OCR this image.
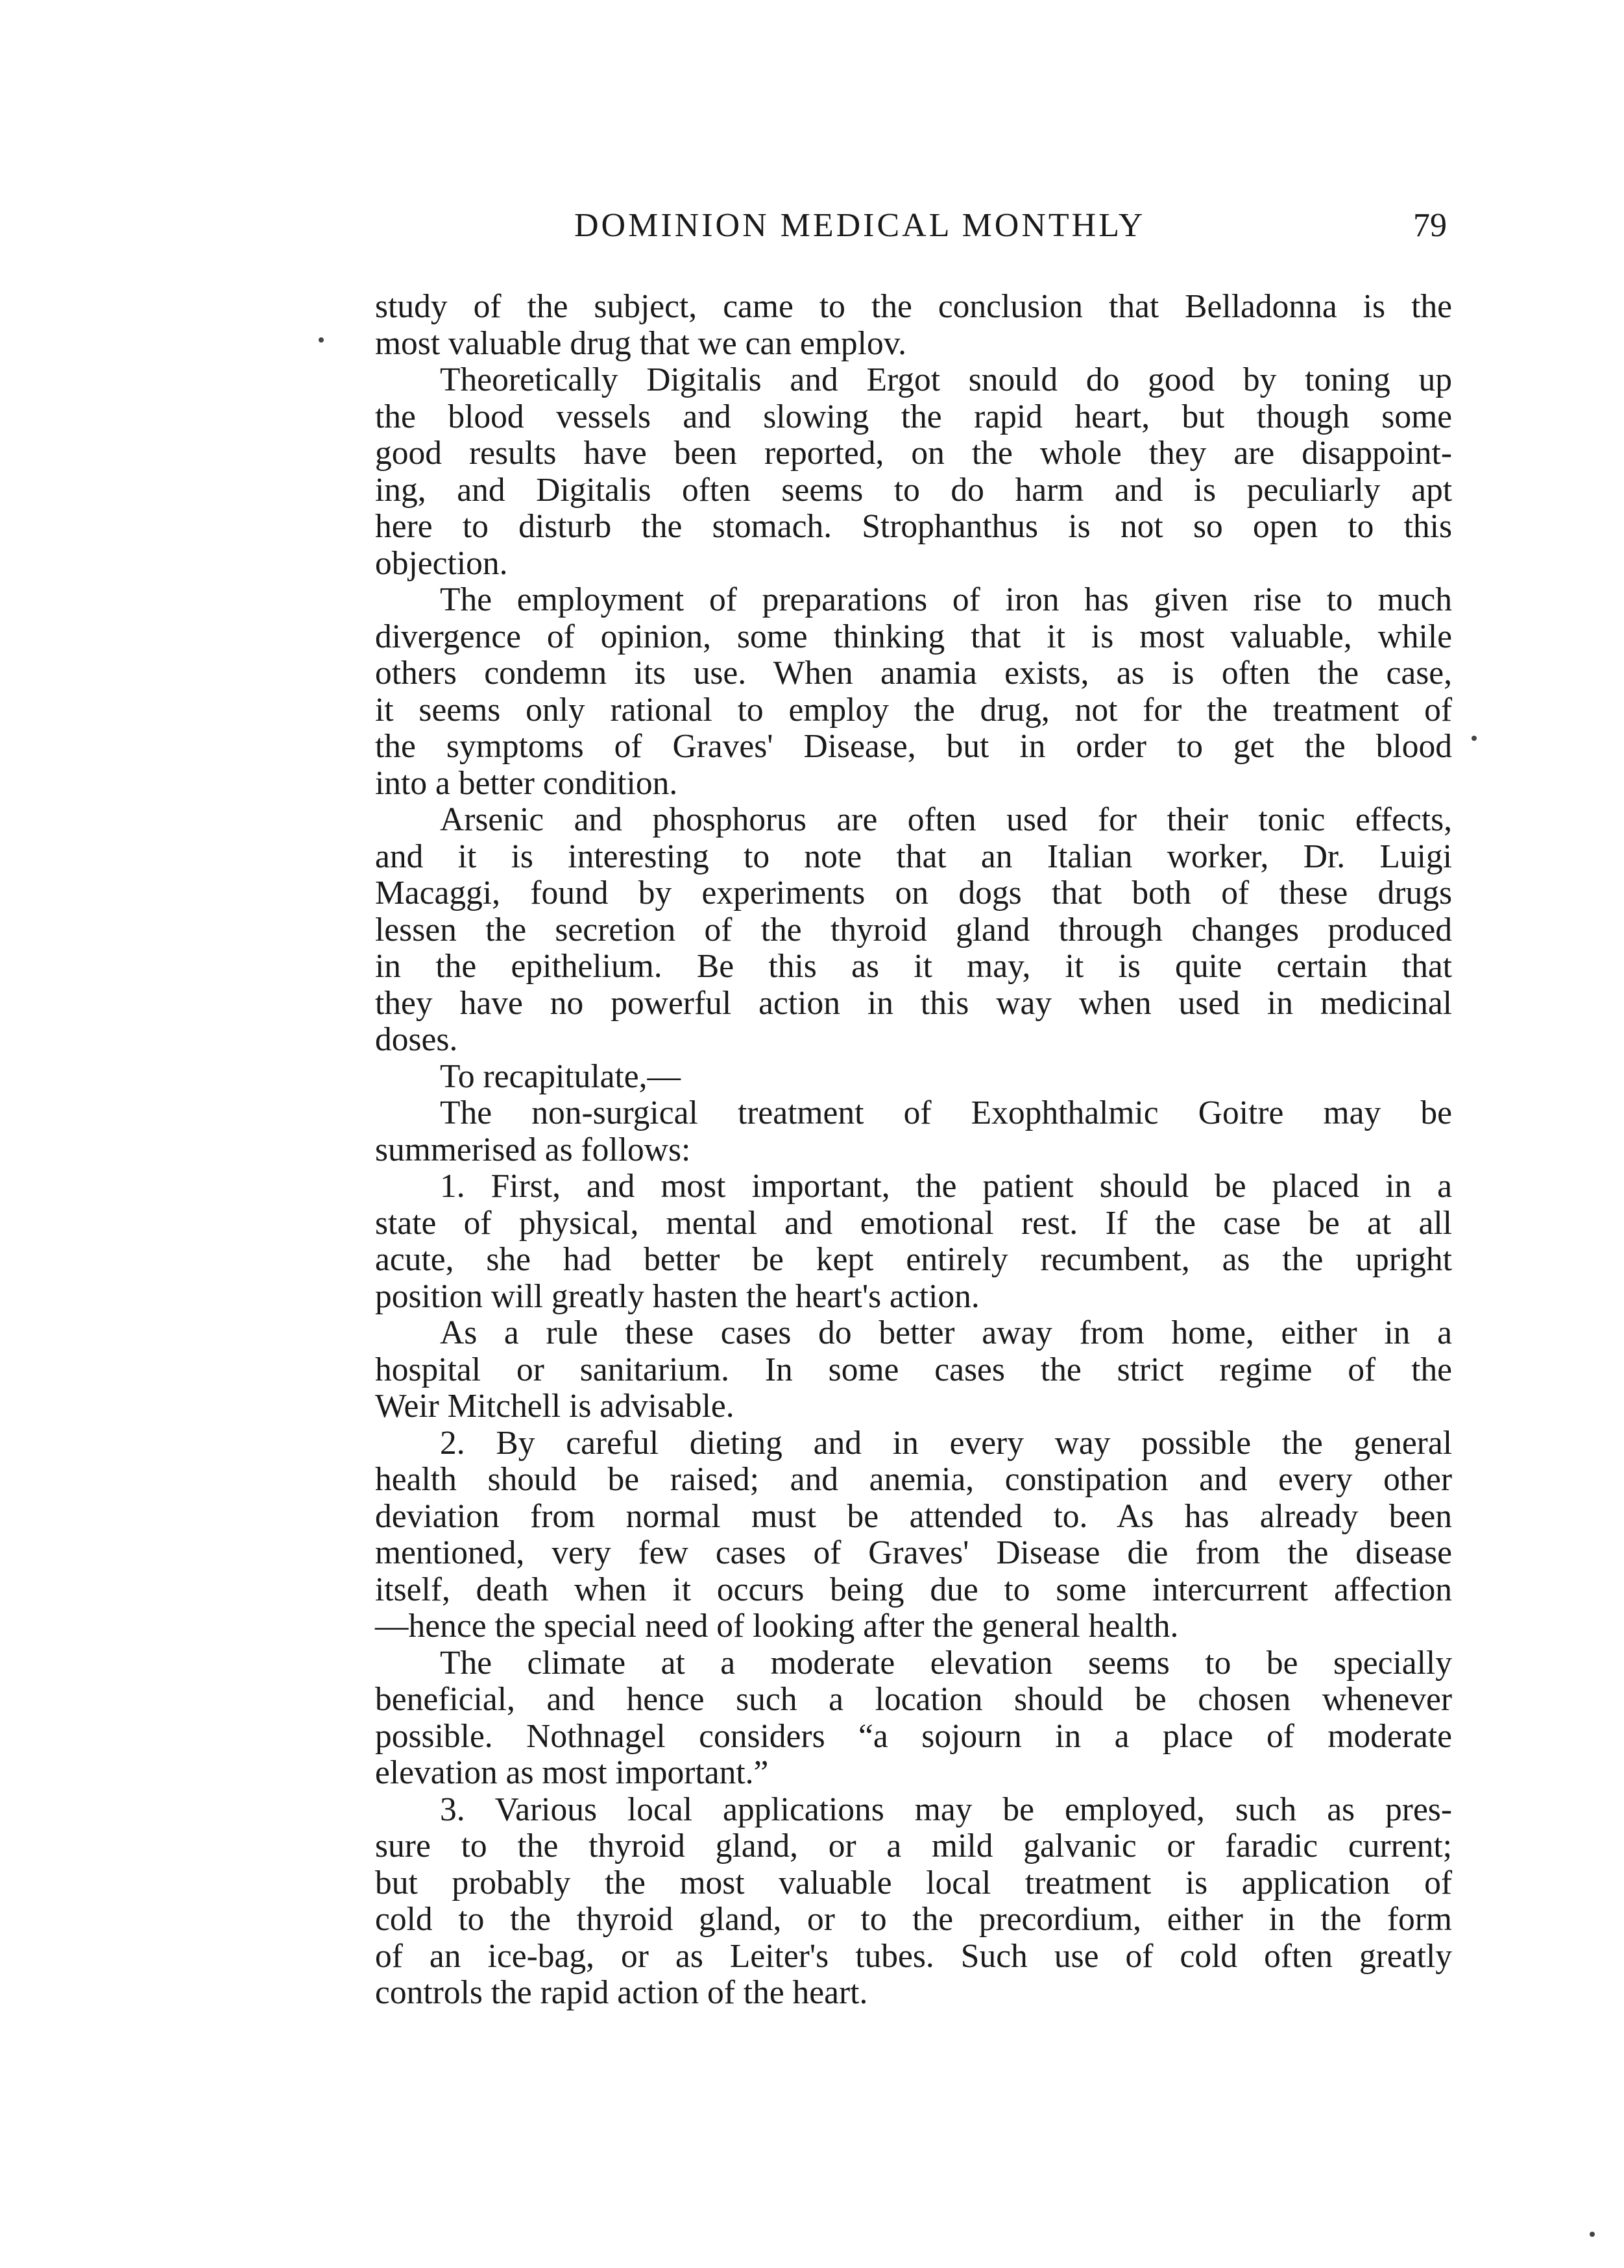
DOMINION MEDICAL MONTHLY	79
study of the subject, came to the conclusion that Belladonna is the
most valuable drug that we can emplov.
Theoretically Digitalis and Ergot snould do good by toning up
the blood vessels and slowing the rapid heart, but though some
good results have been reported, on the whole they are disappoint-
ing, and Digitalis often seems to do harm and is peculiarly apt
here to disturb the stomach. Strophanthus is not so open to this
objection.
The employment of preparations of iron has given rise to much
divergence of opinion, some thinking that it is most valuable, while
others condemn its use. When anamia exists, as is often the case,
it seems only rational to employ the drug, not for the treatment of
the symptoms of Graves' Disease, but in order to get the blood
into a better condition.
Arsenic and phosphorus are often used for their tonic effects,
and it is interesting to note that an Italian worker, Dr. Luigi
Macaggi, found by experiments on dogs that both of these drugs
lessen the secretion of the thyroid gland through changes produced
in the epithelium. Be this as it may, it is quite certain that
they have no powerful action in this way when used in medicinal
doses.
To recapitulate,—
The non-surgical treatment of Exophthalmic Goitre may be
summerised as follows:
1. First, and most important, the patient should be placed in a
state of physical, mental and emotional rest. If the case be at all
acute, she had better be kept entirely recumbent, as the upright
position will greatly hasten the heart's action.
As a rule these cases do better away from home, either in a
hospital or sanitarium. In some cases the strict regime of the
Weir Mitchell is advisable.
2. By careful dieting and in every way possible the general
health should be raised; and anemia, constipation and every other
deviation from normal must be attended to. As has already been
mentioned, very few cases of Graves' Disease die from the disease
itself, death when it occurs being due to some intercurrent affection
—hence the special need of looking after the general health.
The climate at a moderate elevation seems to be specially
beneficial, and hence such a location should be chosen whenever
possible. Nothnagel considers “a sojourn in a place of moderate
elevation as most important.”
3. Various local applications may be employed, such as pres-
sure to the thyroid gland, or a mild galvanic or faradic current;
but probably the most valuable local treatment is application of
cold to the thyroid gland, or to the precordium, either in the form
of an ice-bag, or as Leiter's tubes. Such use of cold often greatly
controls the rapid action of the heart.
